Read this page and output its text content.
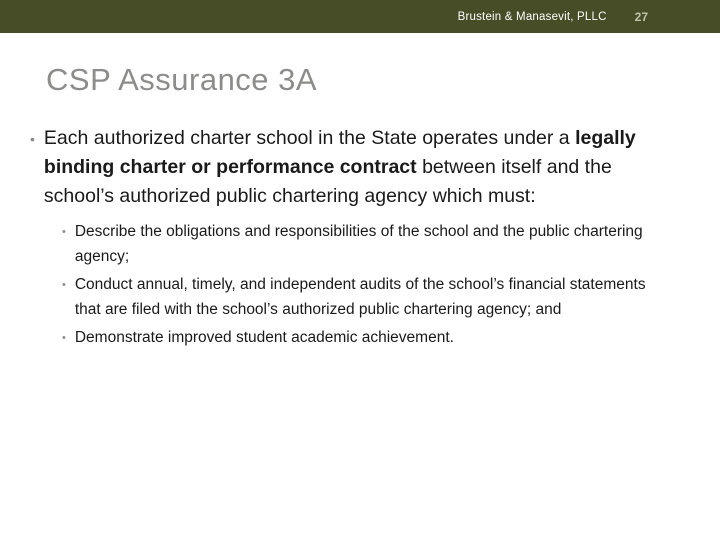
Brustein & Manasevit, PLLC 27
CSP Assurance 3A
• Each authorized charter school in the State operates under a legally binding charter or performance contract between itself and the school’s authorized public chartering agency which must:

• Describe the obligations and responsibilities of the school and the public chartering agency;

• Conduct annual, timely, and independent audits of the school’s financial statements that are filed with the school’s authorized public chartering agency; and

• Demonstrate improved student academic achievement.
